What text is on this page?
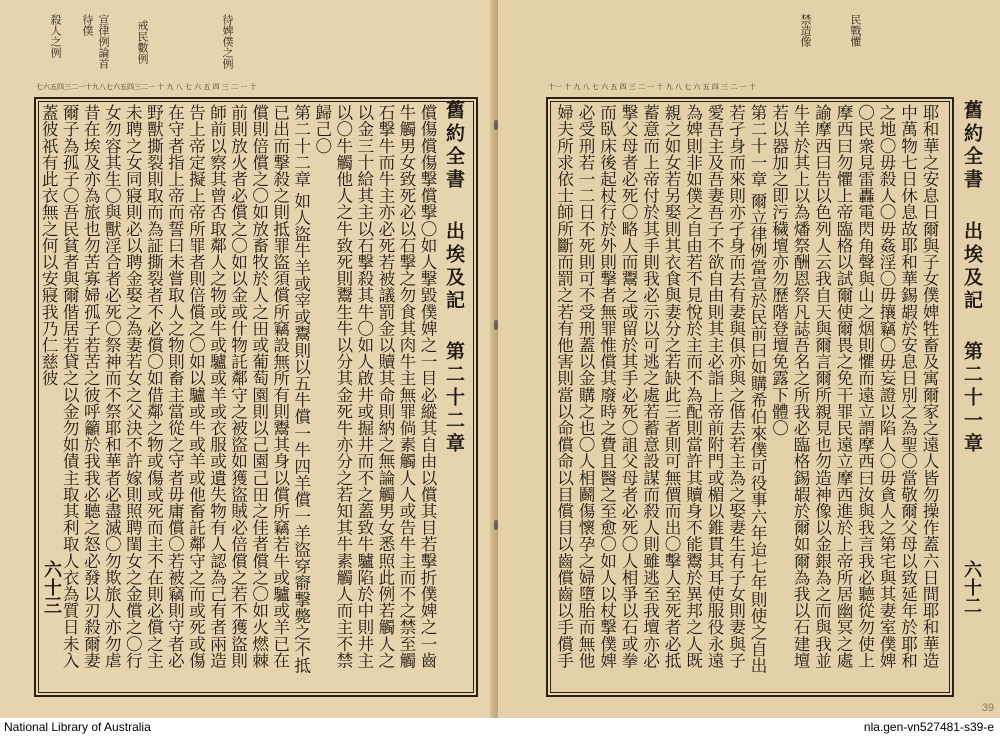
殺人之例 待僕 宣律例論首	待婢僕之例
戒民數例
七六五四三二一十九八七六五四三二一 十 九 八 七 六 五 四 三 二 一 十
舊約全書 出埃及記 第二十二章
六十三
償傷償傷撃償撃〇如人撃毀僕婢之一目必縱其自由以償其目若擊折僕婢之一齒
牛觸男女致死必以石撃之勿食其肉牛主無罪倘素觸人人或告牛主而不之禁至觸
石撃牛而牛主亦必死若被議罰金以贖其命則納之無論觸男女悉照此例若觸人之
以金三十給其主以石撃殺其牛〇如人啟井或掘井而不之蓋致牛驢陷於中則井主
以〇牛觸他人之牛致死則鬻生牛以分其金死牛亦分之若知其牛素觸人而主不禁
歸己〇
第二十二章 如人盜牛羊或宰或鬻則以五牛償一牛四羊償一羊盜穿窬撃斃之不抵
已出而撃殺之則抵罪盜須償所竊設無所有則鬻其身以償所竊若牛或驢或羊已在
償則倍償之〇如放畜牧於人之田或葡萄園則以己園己田之佳者償之〇如火燃棘
前則放火者必償之〇如以金或什物託鄰守之被盜如獲盜賊必倍償之若不獲盜則
師前以察其曾否取鄰人之物或牛或驢或羊或衣服或遺失物有人認為己有者兩造
告上帝定擬上帝所罪者則倍償之〇如以驢或牛或羊或他畜託鄰守之而或死或傷
在守者指上帝而誓曰未嘗取人之物則畜主當從之守者毋庸償〇若被竊則守者必
野獸撕裂則取而為証撕裂者不必償〇如借鄰之物或傷或死而主不在則必償之主
未聘之女同寢則必以聘金娶之為妻若女之父決不許嫁則照聘閨女之金償之〇行
女勿容其生〇與獸淫合者必死〇祭神而不祭耶和華者必盡滅〇勿欺旅人亦勿虐
昔在埃及亦為旅也勿苦寡婦孤子若苦之彼呼籲於我我必聽之怒必發以刃殺爾妻
爾子為孤子〇吾民貧者與爾偕居若貸之以金勿如債主取其利取人衣為質日未入
蓋彼祇有此衣無之何以安寢我乃仁慈彼
民戰懼
禁造像
十一 十 九 八 七 六 五 四 三 二 一 十 九 八 七 六 五 四 三 二 一 十
舊約全書 出埃及記 第二十一章
六十二
耶和華之安息日爾與子女僕婢牲畜及寓爾家之遠人皆勿操作蓋六日間耶和華造
中萬物七日休息故耶和華錫嘏於安息日別之為聖〇當敬爾父母以致延年於耶和
之地〇毋殺人〇毋姦淫〇毋攘竊〇毋妄證以陷人〇毋貪人之第宅與其妻室僕婢
〇民衆見雷轟電閃角聲與山之烟則懼而遠立謂摩西曰汝與我言我必聽從勿使上
摩西曰勿懼上帝臨格以試爾使爾畏之免干罪民遠立摩西進於上帝所居幽冥之處
諭摩西曰告以色列人云我自天與爾言爾所親見也勿造神像以金銀為之而與我並
牛羊於其上以為燔祭酬恩祭凡誌吾名之所我必臨格錫嘏於爾如爾為我以石建壇
若以器加之即污穢壇亦勿歷階登壇免露下體〇
第二十一章 爾立律例當宣於民前曰如購希伯來僕可役事六年迨七年則使之自出
若孑身而來則亦孑身而去有妻與俱亦與之偕去若主為之娶妻生有子女則妻與子
愛吾主及吾妻吾子不欲自由則其主必詣上帝前附門或楣以錐貫其耳使服役永遠
為婢則非如僕之自由若不見悅於主而不為配則當許其贖身不能鬻於異邦之人既
親之如女若另娶則其衣食與妻分之若缺此三者則可無價而出〇擊人至死者必抵
蓄意而上帝付於其手則我必示以可逃之處若蓄意設謀而殺人則雖逃至我壇亦必
撃父母者必死〇略人而鬻之或留於其手必死〇詛父母者必死〇人相爭以石或拳
而臥床後起杖行於外則撃者無罪惟償其廢時之費且醫之至愈〇如人以杖撃僕婢
必受刑若一二日不死則可不受刑蓋以金購之也〇人相鬬傷懷孕之婦墮胎而無他
婦夫所求依士師所斷而罰之若有他害則當以命償命以目償目以齒償齒以手償手
39
National Library of Australia	nla.gen-vn527481-s39-e
